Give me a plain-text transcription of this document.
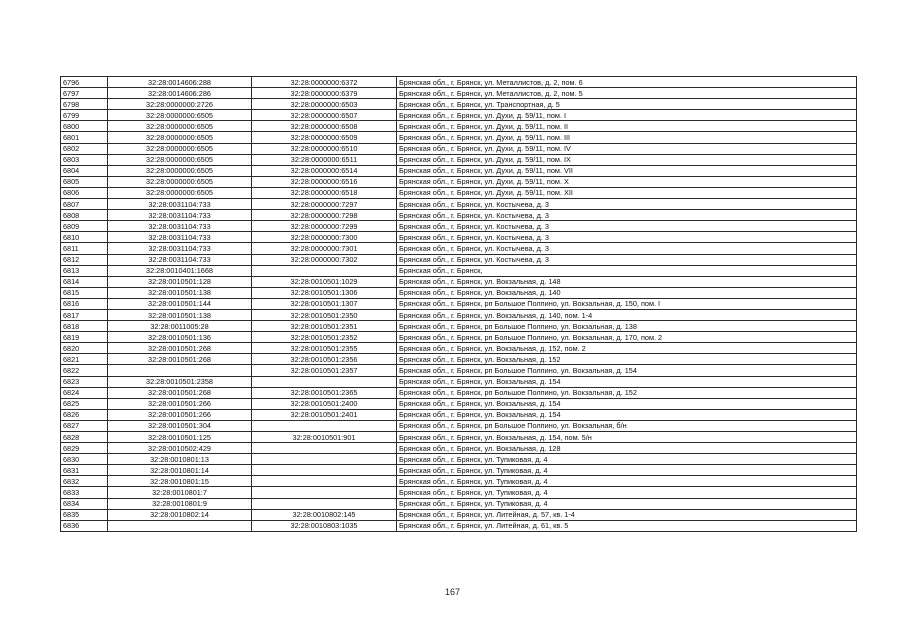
6796	32:28:0014606:288	32:28:0000000:6372	Брянская обл., г. Брянск, ул. Металлистов, д. 2, пом. 6
6797	32:28:0014606:286	32:28:0000000:6379	Брянская обл., г. Брянск, ул. Металлистов, д. 2, пом. 5
6798	32:28:0000000:2726	32:28:0000000:6503	Брянская обл., г. Брянск, ул. Транспортная, д. 5
6799	32:28:0000000:6505	32:28:0000000:6507	Брянская обл., г. Брянск, ул. Духи, д. 59/11, пом. I
6800	32:28:0000000:6505	32:28:0000000:6508	Брянская обл., г. Брянск, ул. Духи, д. 59/11, пом. II
6801	32:28:0000000:6505	32:28:0000000:6509	Брянская обл., г. Брянск, ул. Духи, д. 59/11, пом. III
6802	32:28:0000000:6505	32:28:0000000:6510	Брянская обл., г. Брянск, ул. Духи, д. 59/11, пом. IV
6803	32:28:0000000:6505	32:28:0000000:6511	Брянская обл., г. Брянск, ул. Духи, д. 59/11, пом. IX
6804	32:28:0000000:6505	32:28:0000000:6514	Брянская обл., г. Брянск, ул. Духи, д. 59/11, пом. VII
6805	32:28:0000000:6505	32:28:0000000:6516	Брянская обл., г. Брянск, ул. Духи, д. 59/11, пом. X
6806	32:28:0000000:6505	32:28:0000000:6518	Брянская обл., г. Брянск, ул. Духи, д. 59/11, пом. XII
6807	32:28:0031104:733	32:28:0000000:7297	Брянская обл., г. Брянск, ул. Костычева, д. 3
6808	32:28:0031104:733	32:28:0000000:7298	Брянская обл., г. Брянск, ул. Костычева, д. 3
6809	32:28:0031104:733	32:28:0000000:7299	Брянская обл., г. Брянск, ул. Костычева, д. 3
6810	32:28:0031104:733	32:28:0000000:7300	Брянская обл., г. Брянск, ул. Костычева, д. 3
6811	32:28:0031104:733	32:28:0000000:7301	Брянская обл., г. Брянск, ул. Костычева, д. 3
6812	32:28:0031104:733	32:28:0000000:7302	Брянская обл., г. Брянск, ул. Костычева, д. 3
6813	32:28:0010401:1668		Брянская обл., г. Брянск,
6814	32:28:0010501:128	32:28:0010501:1029	Брянская обл., г. Брянск, ул. Вокзальная, д. 148
6815	32:28:0010501:138	32:28:0010501:1306	Брянская обл., г. Брянск, ул. Вокзальная, д. 140
6816	32:28:0010501:144	32:28:0010501:1307	Брянская обл., г. Брянск, рп Большое Полпино, ул. Вокзальная, д. 150, пом. I
6817	32:28:0010501:138	32:28:0010501:2350	Брянская обл., г. Брянск, ул. Вокзальная, д. 140, пом. 1-4
6818	32:28:0011005:28	32:28:0010501:2351	Брянская обл., г. Брянск, рп Большое Полпино, ул. Вокзальная, д. 138
6819	32:28:0010501:136	32:28:0010501:2352	Брянская обл., г. Брянск, рп Большое Полпино, ул. Вокзальная, д. 170, пом. 2
6820	32:28:0010501:268	32:28:0010501:2355	Брянская обл., г. Брянск, ул. Вокзальная, д. 152, пом. 2
6821	32:28:0010501:268	32:28:0010501:2356	Брянская обл., г. Брянск, ул. Вокзальная, д. 152
6822		32:28:0010501:2357	Брянская обл., г. Брянск, рп Большое Полпино, ул. Вокзальная, д. 154
6823	32:28:0010501:2358		Брянская обл., г. Брянск, ул. Вокзальная, д. 154
6824	32:28:0010501:268	32:28:0010501:2365	Брянская обл., г. Брянск, рп Большое Полпино, ул. Вокзальная, д. 152
6825	32:28:0010501:266	32:28:0010501:2400	Брянская обл., г. Брянск, ул. Вокзальная, д. 154
6826	32:28:0010501:266	32:28:0010501:2401	Брянская обл., г. Брянск, ул. Вокзальная, д. 154
6827	32:28:0010501:304		Брянская обл., г. Брянск, рп Большое Полпино, ул. Вокзальная, б/н
6828	32:28:0010501:125	32:28:0010501:901	Брянская обл., г. Брянск, ул. Вокзальная, д. 154, пом. 5/н
6829	32:28:0010502:429		Брянская обл., г. Брянск, ул. Вокзальная, д. 128
6830	32:28:0010801:13		Брянская обл., г. Брянск, ул. Тупиковая, д. 4
6831	32:28:0010801:14		Брянская обл., г. Брянск, ул. Тупиковая, д. 4
6832	32:28:0010801:15		Брянская обл., г. Брянск, ул. Тупиковая, д. 4
6833	32:28:0010801:7		Брянская обл., г. Брянск, ул. Тупиковая, д. 4
6834	32:28:0010801:9		Брянская обл., г. Брянск, ул. Тупиковая, д. 4
6835	32:28:0010802:14	32:28:0010802:145	Брянская обл., г. Брянск, ул. Литейная, д. 57, кв. 1-4
6836		32:28:0010803:1035	Брянская обл., г. Брянск, ул. Литейная, д. 61, кв. 5
167
